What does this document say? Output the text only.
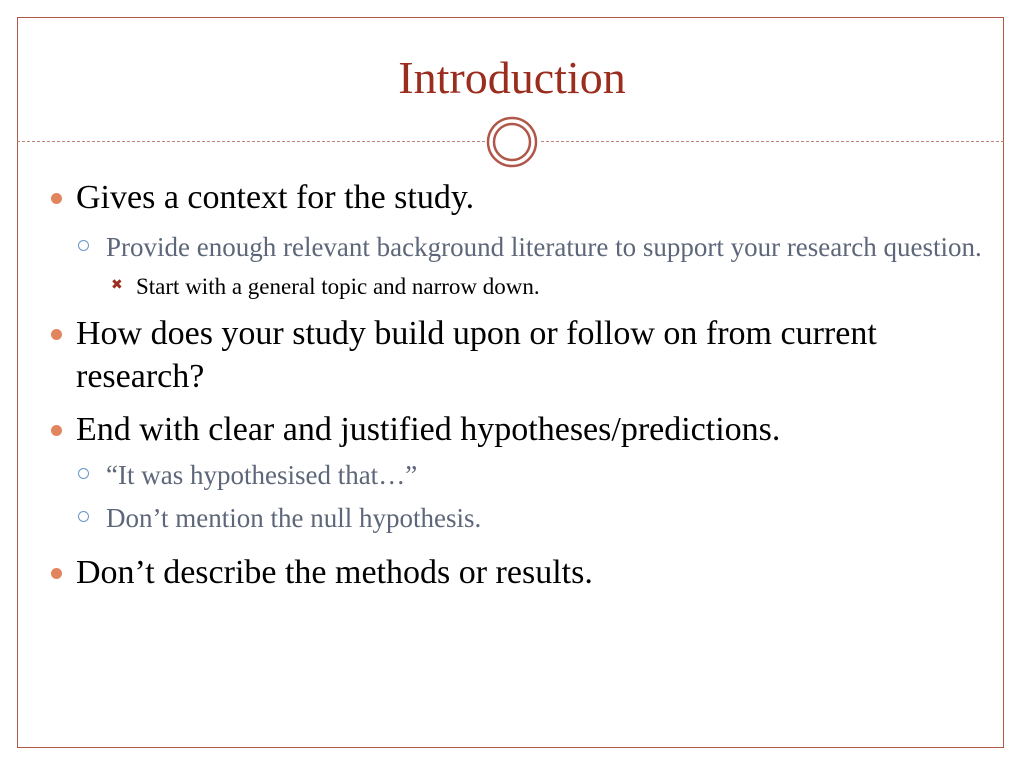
Introduction
Gives a context for the study.
Provide enough relevant background literature to support your research question.
✖ Start with a general topic and narrow down.
How does your study build upon or follow on from current research?
End with clear and justified hypotheses/predictions.
“It was hypothesised that…”
Don’t mention the null hypothesis.
Don’t describe the methods or results.
